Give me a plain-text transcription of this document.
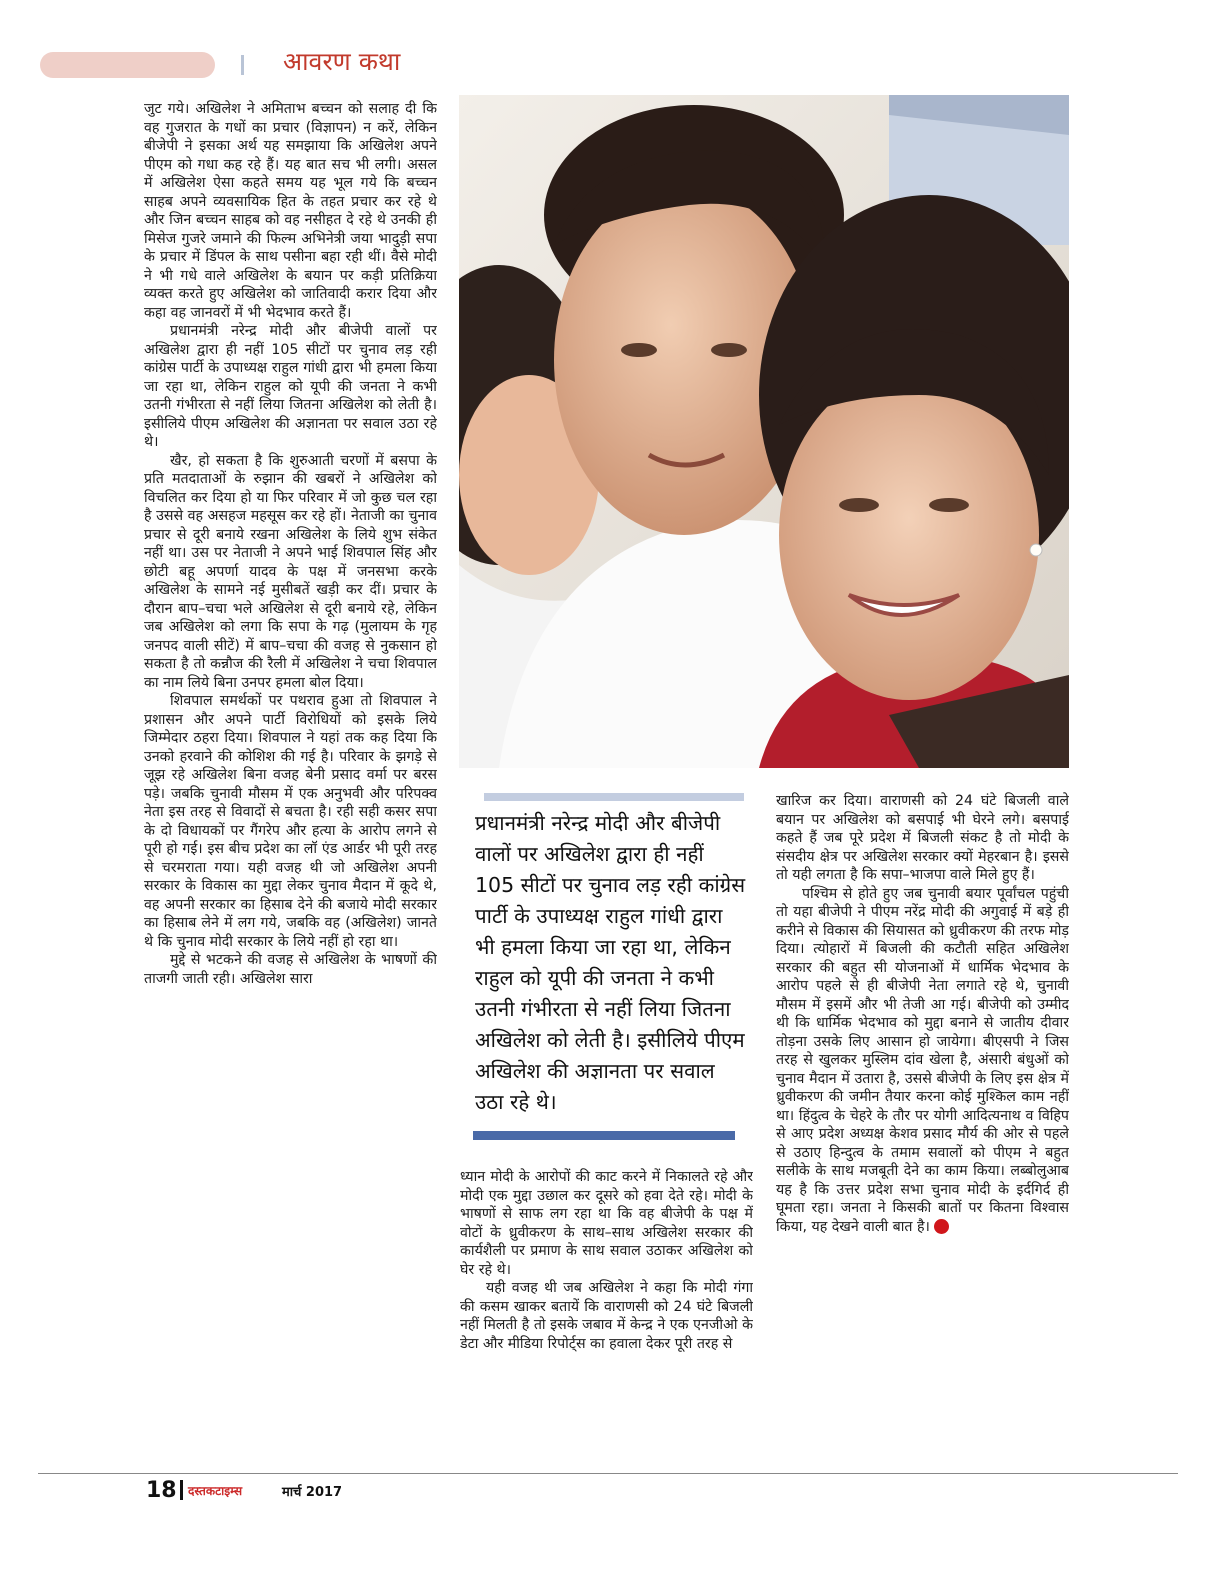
आवरण कथा

जुट गये। अखिलेश ने अमिताभ बच्चन को सलाह दी कि वह गुजरात के गधों का प्रचार (विज्ञापन) न करें, लेकिन बीजेपी ने इसका अर्थ यह समझाया कि अखिलेश अपने पीएम को गधा कह रहे हैं। यह बात सच भी लगी। असल में अखिलेश ऐसा कहते समय यह भूल गये कि बच्चन साहब अपने व्यवसायिक हित के तहत प्रचार कर रहे थे और जिन बच्चन साहब को वह नसीहत दे रहे थे उनकी ही मिसेज गुजरे जमाने की फिल्म अभिनेत्री जया भादुड़ी सपा के प्रचार में डिंपल के साथ पसीना बहा रही थीं। वैसे मोदी ने भी गधे वाले अखिलेश के बयान पर कड़ी प्रतिक्रिया व्यक्त करते हुए अखिलेश को जातिवादी करार दिया और कहा वह जानवरों में भी भेदभाव करते हैं।

प्रधानमंत्री नरेन्द्र मोदी और बीजेपी वालों पर अखिलेश द्वारा ही नहीं 105 सीटों पर चुनाव लड़ रही कांग्रेस पार्टी के उपाध्यक्ष राहुल गांधी द्वारा भी हमला किया जा रहा था, लेकिन राहुल को यूपी की जनता ने कभी उतनी गंभीरता से नहीं लिया जितना अखिलेश को लेती है। इसीलिये पीएम अखिलेश की अज्ञानता पर सवाल उठा रहे थे।

खैर, हो सकता है कि शुरुआती चरणों में बसपा के प्रति मतदाताओं के रुझान की खबरों ने अखिलेश को विचलित कर दिया हो या फिर परिवार में जो कुछ चल रहा है उससे वह असहज महसूस कर रहे हों। नेताजी का चुनाव प्रचार से दूरी बनाये रखना अखिलेश के लिये शुभ संकेत नहीं था। उस पर नेताजी ने अपने भाई शिवपाल सिंह और छोटी बहू अपर्णा यादव के पक्ष में जनसभा करके अखिलेश के सामने नई मुसीबतें खड़ी कर दीं। प्रचार के दौरान बाप–चचा भले अखिलेश से दूरी बनाये रहे, लेकिन जब अखिलेश को लगा कि सपा के गढ़ (मुलायम के गृह जनपद वाली सीटें) में बाप–चचा की वजह से नुकसान हो सकता है तो कन्नौज की रैली में अखिलेश ने चचा शिवपाल का नाम लिये बिना उनपर हमला बोल दिया।

शिवपाल समर्थकों पर पथराव हुआ तो शिवपाल ने प्रशासन और अपने पार्टी विरोधियों को इसके लिये जिम्मेदार ठहरा दिया। शिवपाल ने यहां तक कह दिया कि उनको हरवाने की कोशिश की गई है। परिवार के झगड़े से जूझ रहे अखिलेश बिना वजह बेनी प्रसाद वर्मा पर बरस पड़े। जबकि चुनावी मौसम में एक अनुभवी और परिपक्व नेता इस तरह से विवादों से बचता है। रही सही कसर सपा के दो विधायकों पर गैंगरेप और हत्या के आरोप लगने से पूरी हो गई। इस बीच प्रदेश का लॉ एंड आर्डर भी पूरी तरह से चरमराता गया। यही वजह थी जो अखिलेश अपनी सरकार के विकास का मुद्दा लेकर चुनाव मैदान में कूदे थे, वह अपनी सरकार का हिसाब देने की बजाये मोदी सरकार का हिसाब लेने में लग गये, जबकि वह (अखिलेश) जानते थे कि चुनाव मोदी सरकार के लिये नहीं हो रहा था।

मुद्दे से भटकने की वजह से अखिलेश के भाषणों की ताजगी जाती रही। अखिलेश सारा

प्रधानमंत्री नरेन्द्र मोदी और बीजेपी वालों पर अखिलेश द्वारा ही नहीं 105 सीटों पर चुनाव लड़ रही कांग्रेस पार्टी के उपाध्यक्ष राहुल गांधी द्वारा भी हमला किया जा रहा था, लेकिन राहुल को यूपी की जनता ने कभी उतनी गंभीरता से नहीं लिया जितना अखिलेश को लेती है। इसीलिये पीएम अखिलेश की अज्ञानता पर सवाल उठा रहे थे।

ध्यान मोदी के आरोपों की काट करने में निकालते रहे और मोदी एक मुद्दा उछाल कर दूसरे को हवा देते रहे। मोदी के भाषणों से साफ लग रहा था कि वह बीजेपी के पक्ष में वोटों के ध्रुवीकरण के साथ–साथ अखिलेश सरकार की कार्यशैली पर प्रमाण के साथ सवाल उठाकर अखिलेश को घेर रहे थे।

यही वजह थी जब अखिलेश ने कहा कि मोदी गंगा की कसम खाकर बतायें कि वाराणसी को 24 घंटे बिजली नहीं मिलती है तो इसके जबाव में केन्द्र ने एक एनजीओ के डेटा और मीडिया रिपोर्ट्स का हवाला देकर पूरी तरह से

खारिज कर दिया। वाराणसी को 24 घंटे बिजली वाले बयान पर अखिलेश को बसपाई भी घेरने लगे। बसपाई कहते हैं जब पूरे प्रदेश में बिजली संकट है तो मोदी के संसदीय क्षेत्र पर अखिलेश सरकार क्यों मेहरबान है। इससे तो यही लगता है कि सपा–भाजपा वाले मिले हुए हैं।

पश्चिम से होते हुए जब चुनावी बयार पूर्वांचल पहुंची तो यहा बीजेपी ने पीएम नरेंद्र मोदी की अगुवाई में बड़े ही करीने से विकास की सियासत को ध्रुवीकरण की तरफ मोड़ दिया। त्योहारों में बिजली की कटौती सहित अखिलेश सरकार की बहुत सी योजनाओं में धार्मिक भेदभाव के आरोप पहले से ही बीजेपी नेता लगाते रहे थे, चुनावी मौसम में इसमें और भी तेजी आ गई। बीजेपी को उम्मीद थी कि धार्मिक भेदभाव को मुद्दा बनाने से जातीय दीवार तोड़ना उसके लिए आसान हो जायेगा। बीएसपी ने जिस तरह से खुलकर मुस्लिम दांव खेला है, अंसारी बंधुओं को चुनाव मैदान में उतारा है, उससे बीजेपी के लिए इस क्षेत्र में ध्रुवीकरण की जमीन तैयार करना कोई मुश्किल काम नहीं था। हिंदुत्व के चेहरे के तौर पर योगी आदित्यनाथ व विहिप से आए प्रदेश अध्यक्ष केशव प्रसाद मौर्य की ओर से पहले से उठाए हिन्दुत्व के तमाम सवालों को पीएम ने बहुत सलीके के साथ मजबूती देने का काम किया। लब्बोलुआब यह है कि उत्तर प्रदेश सभा चुनाव मोदी के इर्दगिर्द ही घूमता रहा। जनता ने किसकी बातों पर कितना विश्वास किया, यह देखने वाली बात है।

18 दस्तकटाइम्स	मार्च 2017
